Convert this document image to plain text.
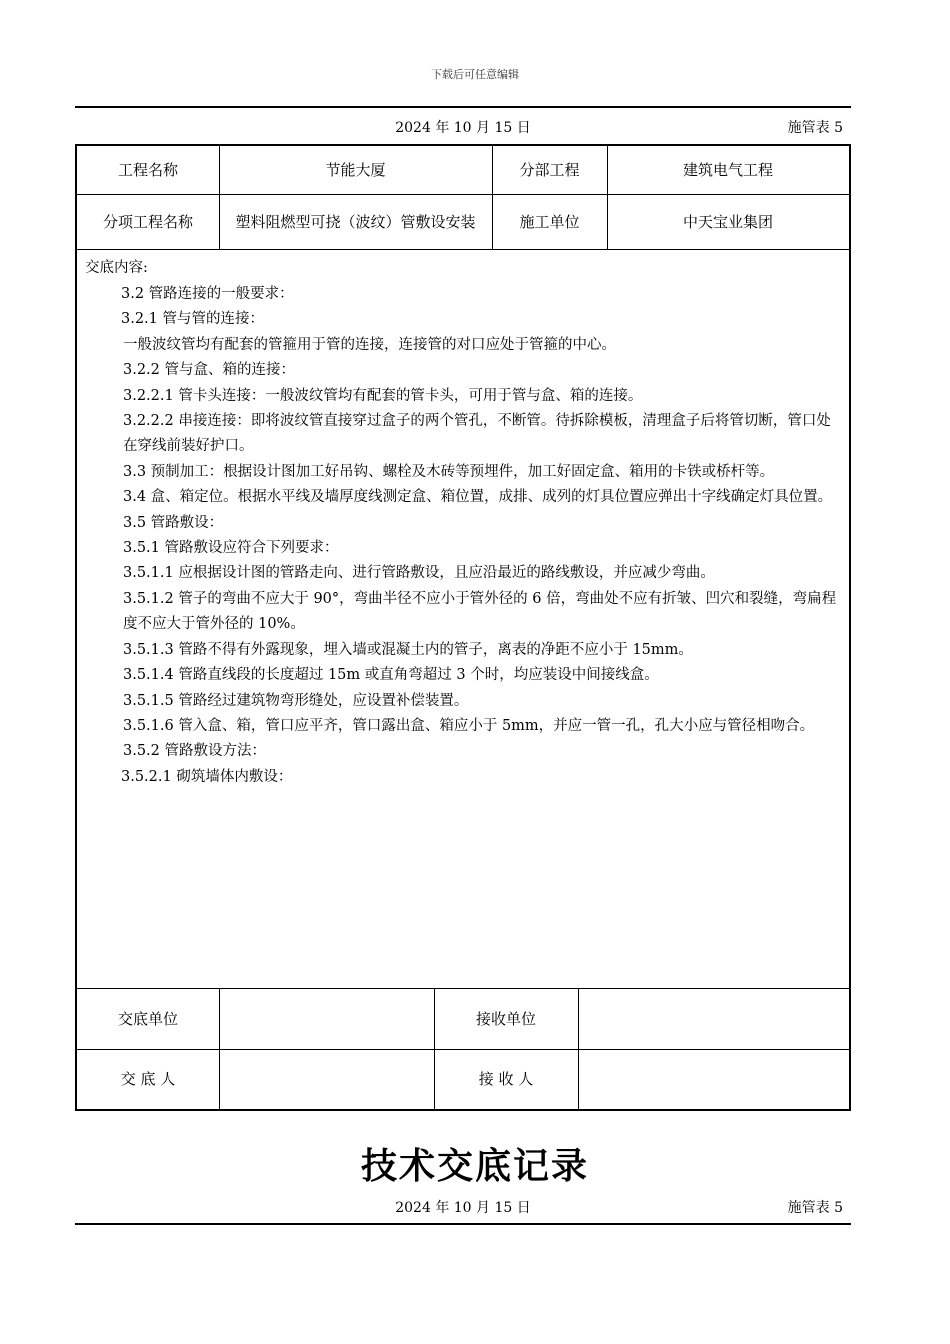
下载后可任意编辑
2024 年 10 月 15 日	施管表 5
工程名称	节能大厦	分部工程	建筑电气工程
分项工程名称	塑料阻燃型可挠（波纹）管敷设安装	施工单位	中天宝业集团
交底内容:

3.2 管路连接的一般要求：

3.2.1 管与管的连接：

一般波纹管均有配套的管箍用于管的连接，连接管的对口应处于管箍的中心。

3.2.2 管与盒、箱的连接：

3.2.2.1 管卡头连接：一般波纹管均有配套的管卡头，可用于管与盒、箱的连接。

3.2.2.2 串接连接：即将波纹管直接穿过盒子的两个管孔，不断管。待拆除模板，清理盒子后将管切断，管口处在穿线前装好护口。

3.3 预制加工：根据设计图加工好吊钩、螺栓及木砖等预埋件，加工好固定盒、箱用的卡铁或桥杆等。

3.4 盒、箱定位。根据水平线及墙厚度线测定盒、箱位置，成排、成列的灯具位置应弹出十字线确定灯具位置。

3.5 管路敷设：

3.5.1 管路敷设应符合下列要求：

3.5.1.1 应根据设计图的管路走向、进行管路敷设，且应沿最近的路线敷设，并应减少弯曲。

3.5.1.2 管子的弯曲不应大于 90°，弯曲半径不应小于管外径的 6 倍，弯曲处不应有折皱、凹穴和裂缝，弯扁程度不应大于管外径的 10%。

3.5.1.3 管路不得有外露现象，埋入墙或混凝土内的管子，离表的净距不应小于 15mm。

3.5.1.4 管路直线段的长度超过 15m 或直角弯超过 3 个时，均应装设中间接线盒。

3.5.1.5 管路经过建筑物弯形缝处，应设置补偿装置。

3.5.1.6 管入盒、箱，管口应平齐，管口露出盒、箱应小于 5mm，并应一管一孔，孔大小应与管径相吻合。

3.5.2 管路敷设方法：

3.5.2.1 砌筑墙体内敷设：

交底单位	接收单位
交 底 人	接 收 人
技术交底记录
2024 年 10 月 15 日	施管表 5
